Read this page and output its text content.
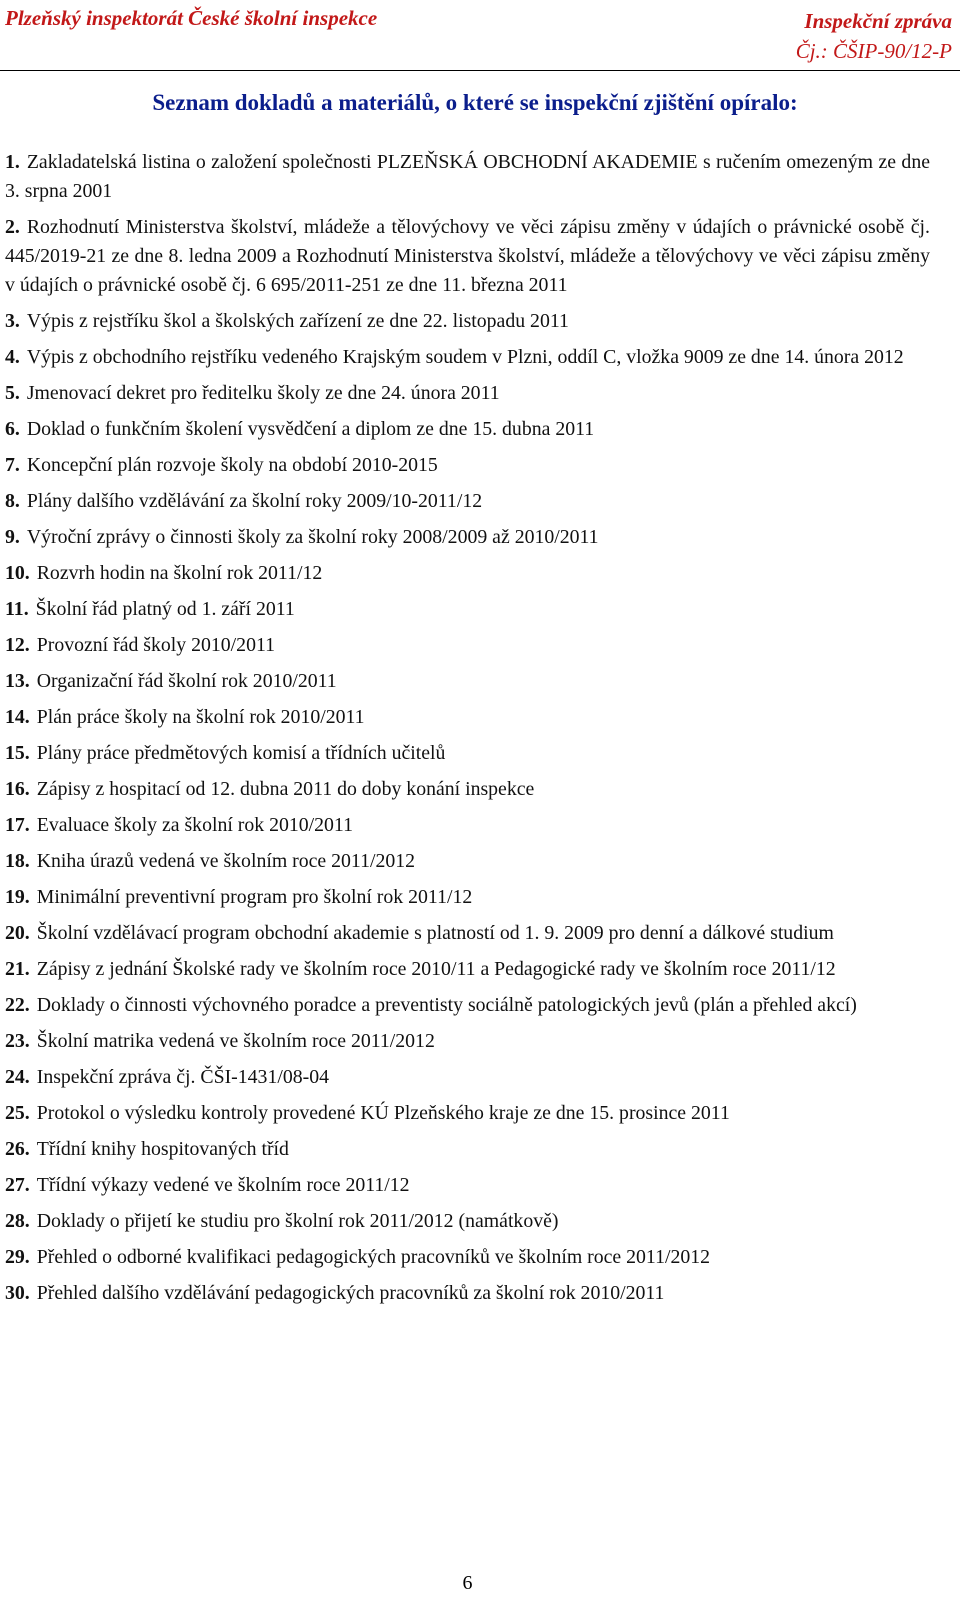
Plzeňský inspektorát České školní inspekce	Inspekční zpráva
Čj.: ČŠIP-90/12-P
Seznam dokladů a materiálů, o které se inspekční zjištění opíralo:
1. Zakladatelská listina o založení společnosti PLZEŇSKÁ OBCHODNÍ AKADEMIE s ručením omezeným ze dne 3. srpna 2001
2. Rozhodnutí Ministerstva školství, mládeže a tělovýchovy ve věci zápisu změny v údajích o právnické osobě čj. 445/2019-21 ze dne 8. ledna 2009 a Rozhodnutí Ministerstva školství, mládeže a tělovýchovy ve věci zápisu změny v údajích o právnické osobě čj. 6 695/2011-251 ze dne 11. března 2011
3. Výpis z rejstříku škol a školských zařízení ze dne 22. listopadu 2011
4. Výpis z obchodního rejstříku vedeného Krajským soudem v Plzni, oddíl C, vložka 9009 ze dne 14. února 2012
5. Jmenovací dekret pro ředitelku školy ze dne 24. února 2011
6. Doklad o funkčním školení vysvědčení a diplom ze dne 15. dubna 2011
7. Koncepční plán rozvoje školy na období 2010-2015
8. Plány dalšího vzdělávání za školní roky 2009/10-2011/12
9. Výroční zprávy o činnosti školy za školní roky 2008/2009 až 2010/2011
10. Rozvrh hodin na školní rok 2011/12
11. Školní řád platný od 1. září 2011
12. Provozní řád školy 2010/2011
13. Organizační řád školní rok 2010/2011
14. Plán práce školy na školní rok 2010/2011
15. Plány práce předmětových komisí a třídních učitelů
16. Zápisy z hospitací od 12. dubna 2011 do doby konání inspekce
17. Evaluace školy za školní rok 2010/2011
18. Kniha úrazů vedená ve školním roce 2011/2012
19. Minimální preventivní program pro školní rok 2011/12
20. Školní vzdělávací program obchodní akademie s platností od 1. 9. 2009 pro denní a dálkové studium
21. Zápisy z jednání Školské rady ve školním roce 2010/11 a Pedagogické rady ve školním roce 2011/12
22. Doklady o činnosti výchovného poradce a preventisty sociálně patologických jevů (plán a přehled akcí)
23. Školní matrika vedená ve školním roce 2011/2012
24. Inspekční zpráva čj. ČŠI-1431/08-04
25. Protokol o výsledku kontroly provedené KÚ Plzeňského kraje ze dne 15. prosince 2011
26. Třídní knihy hospitovaných tříd
27. Třídní výkazy vedené ve školním roce 2011/12
28. Doklady o přijetí ke studiu pro školní rok 2011/2012 (namátkově)
29. Přehled o odborné kvalifikaci pedagogických pracovníků ve školním roce 2011/2012
30. Přehled dalšího vzdělávání pedagogických pracovníků za školní rok 2010/2011
6
